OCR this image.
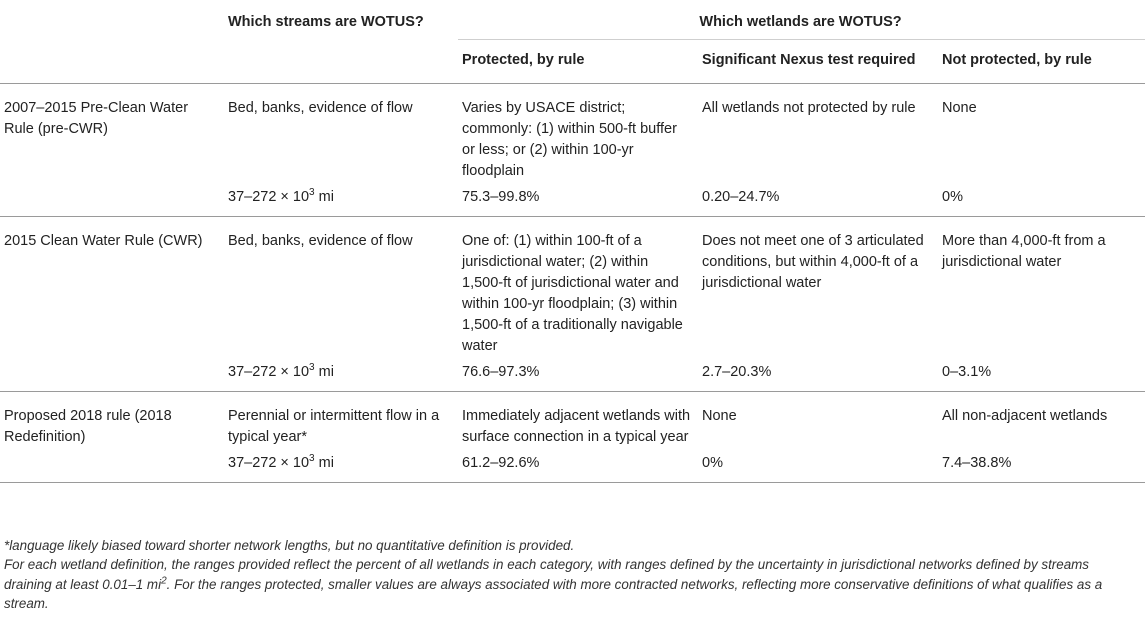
	Which streams are WOTUS?	Which wetlands are WOTUS?		
		Protected, by rule	Significant Nexus test required	Not protected, by rule
2007–2015 Pre-Clean Water Rule (pre-CWR)	Bed, banks, evidence of flow	Varies by USACE district; commonly: (1) within 500-ft buffer or less; or (2) within 100-yr floodplain	All wetlands not protected by rule	None
	$37-272 \times 10^3$ mi	75.3–99.8%	0.20–24.7%	0%
2015 Clean Water Rule (CWR)	Bed, banks, evidence of flow	One of: (1) within 100-ft of a jurisdictional water; (2) within 1,500-ft of jurisdictional water and within 100-yr floodplain; (3) within 1,500-ft of a traditionally navigable water	Does not meet one of 3 articulated conditions, but within 4,000-ft of a jurisdictional water	More than 4,000-ft from a jurisdictional water
	$37-272 \times 10^3$ mi	76.6–97.3%	2.7–20.3%	0–3.1%
Proposed 2018 rule (2018 Redefinition)	Perennial or intermittent flow in a typical year*	Immediately adjacent wetlands with surface connection in a typical year	None	All non-adjacent wetlands
	$37-272 \times 10^3$ mi	61.2–92.6%	0%	7.4–38.8%

*language likely biased toward shorter network lengths, but no quantitative definition is provided.

For each wetland definition, the ranges provided reflect the percent of all wetlands in each category, with ranges defined by the uncertainty in jurisdictional networks defined by streams draining at least 0.01–1 $mi^2$. For the ranges protected, smaller values are always associated with more contracted networks, reflecting more conservative definitions of what qualifies as a stream.
